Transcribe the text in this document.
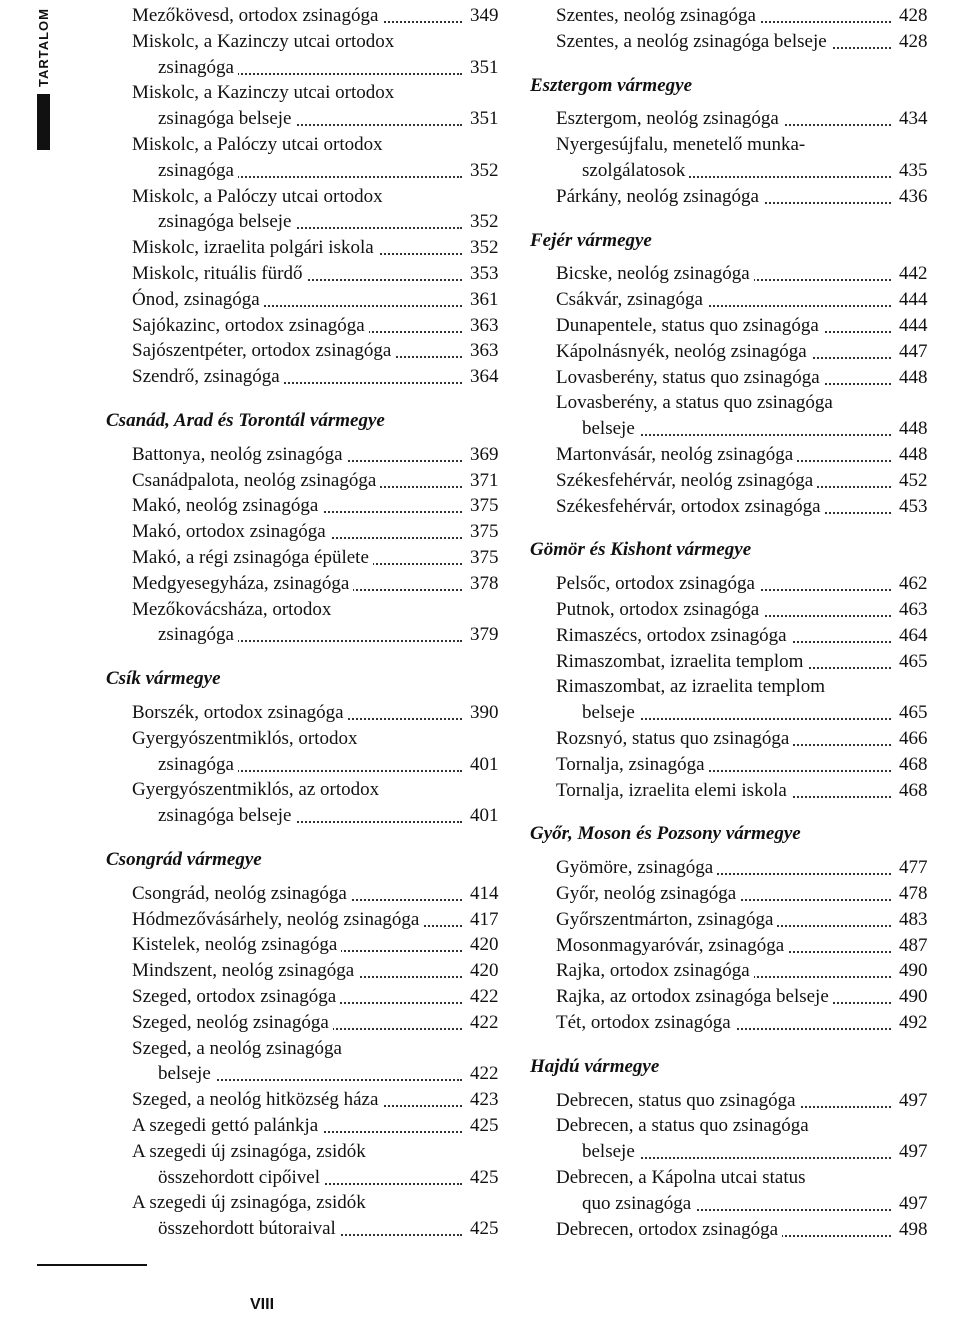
TARTALOM	Mezőkövesd, ortodox zsinagóga	349
Miskolc, a Kazinczy utcai ortodox
zsinagóga	351
Miskolc, a Kazinczy utcai ortodox
zsinagóga belseje	351
Miskolc, a Palóczy utcai ortodox
zsinagóga	352
Miskolc, a Palóczy utcai ortodox
zsinagóga belseje	352
Miskolc, izraelita polgári iskola	352
Miskolc, rituális fürdő	353
Ónod, zsinagóga	361
Sajókazinc, ortodox zsinagóga	363
Sajószentpéter, ortodox zsinagóga	363
Szendrő, zsinagóga	364
Csanád, Arad és Torontál vármegye
Battonya, neológ zsinagóga	369
Csanádpalota, neológ zsinagóga	371
Makó, neológ zsinagóga	375
Makó, ortodox zsinagóga	375
Makó, a régi zsinagóga épülete	375
Medgyesegyháza, zsinagóga	378
Mezőkovácsháza, ortodox
zsinagóga	379
Csík vármegye
Borszék, ortodox zsinagóga	390
Gyergyószentmiklós, ortodox
zsinagóga	401
Gyergyószentmiklós, az ortodox
zsinagóga belseje	401
Csongrád vármegye
Csongrád, neológ zsinagóga	414
Hódmezővásárhely, neológ zsinagóga	417
Kistelek, neológ zsinagóga	420
Mindszent, neológ zsinagóga	420
Szeged, ortodox zsinagóga	422
Szeged, neológ zsinagóga	422
Szeged, a neológ zsinagóga
belseje	422
Szeged, a neológ hitközség háza	423
A szegedi gettó palánkja	425
A szegedi új zsinagóga, zsidók
összehordott cipőivel	425
A szegedi új zsinagóga, zsidók
összehordott bútoraival	425
Szentes, neológ zsinagóga	428
Szentes, a neológ zsinagóga belseje	428
Esztergom vármegye
Esztergom, neológ zsinagóga	434
Nyergesújfalu, menetelő munka-
szolgálatosok	435
Párkány, neológ zsinagóga	436
Fejér vármegye
Bicske, neológ zsinagóga	442
Csákvár, zsinagóga	444
Dunapentele, status quo zsinagóga	444
Kápolnásnyék, neológ zsinagóga	447
Lovasberény, status quo zsinagóga	448
Lovasberény, a status quo zsinagóga
belseje	448
Martonvásár, neológ zsinagóga	448
Székesfehérvár, neológ zsinagóga	452
Székesfehérvár, ortodox zsinagóga	453
Gömör és Kishont vármegye
Pelsőc, ortodox zsinagóga	462
Putnok, ortodox zsinagóga	463
Rimaszécs, ortodox zsinagóga	464
Rimaszombat, izraelita templom	465
Rimaszombat, az izraelita templom
belseje	465
Rozsnyó, status quo zsinagóga	466
Tornalja, zsinagóga	468
Tornalja, izraelita elemi iskola	468
Győr, Moson és Pozsony vármegye
Gyömöre, zsinagóga	477
Győr, neológ zsinagóga	478
Győrszentmárton, zsinagóga	483
Mosonmagyaróvár, zsinagóga	487
Rajka, ortodox zsinagóga	490
Rajka, az ortodox zsinagóga belseje	490
Tét, ortodox zsinagóga	492
Hajdú vármegye
Debrecen, status quo zsinagóga	497
Debrecen, a status quo zsinagóga
belseje	497
Debrecen, a Kápolna utcai status
quo zsinagóga	497
Debrecen, ortodox zsinagóga	498
VIII
